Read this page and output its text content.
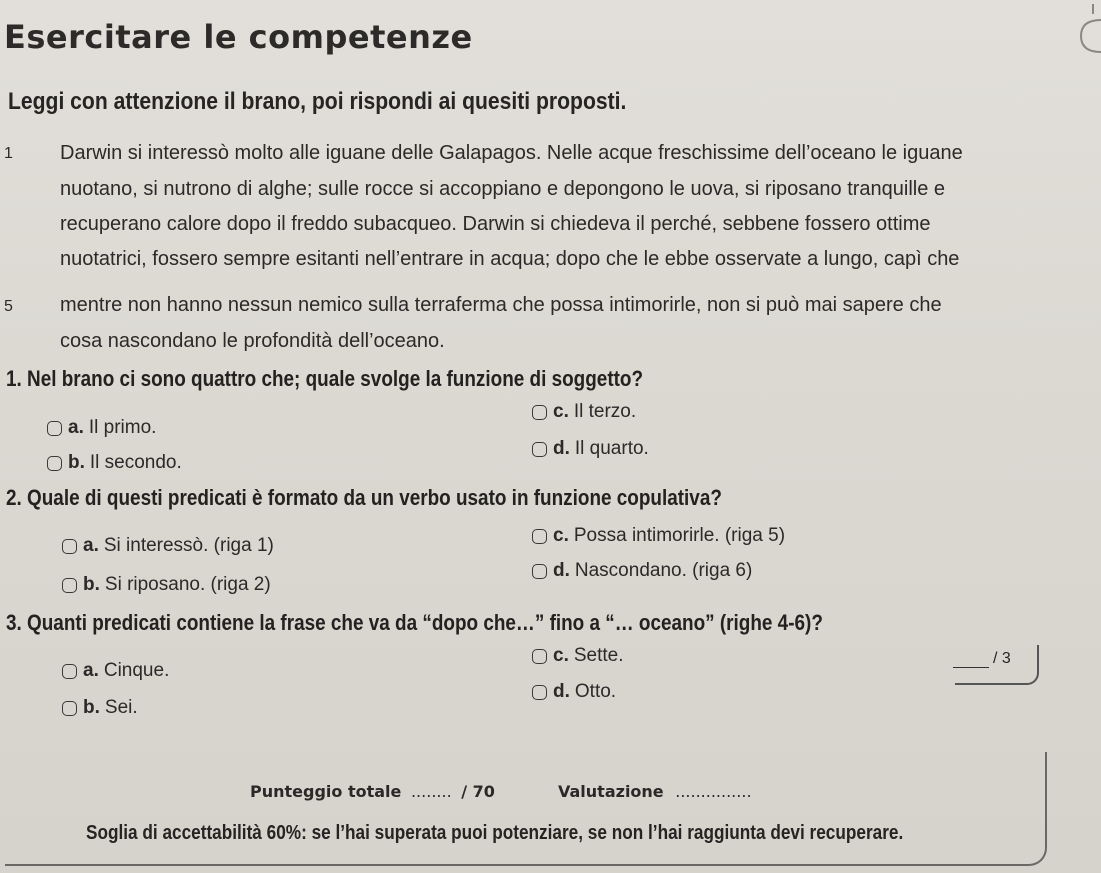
Esercitare le competenze
Leggi con attenzione il brano, poi rispondi ai quesiti proposti.
1 Darwin si interessò molto alle iguane delle Galapagos. Nelle acque freschissime dell’oceano le iguane
nuotano, si nutrono di alghe; sulle rocce si accoppiano e depongono le uova, si riposano tranquille e
recuperano calore dopo il freddo subacqueo. Darwin si chiedeva il perché, sebbene fossero ottime
nuotatrici, fossero sempre esitanti nell’entrare in acqua; dopo che le ebbe osservate a lungo, capì che
5 mentre non hanno nessun nemico sulla terraferma che possa intimorirle, non si può mai sapere che
cosa nascondano le profondità dell’oceano.
1. Nel brano ci sono quattro che; quale svolge la funzione di soggetto?
a. Il primo.
b. Il secondo.
c. Il terzo.
d. Il quarto.
2. Quale di questi predicati è formato da un verbo usato in funzione copulativa?
a. Si interessò. (riga 1)
b. Si riposano. (riga 2)
c. Possa intimorirle. (riga 5)
d. Nascondano. (riga 6)
3. Quanti predicati contiene la frase che va da “dopo che…” fino a “… oceano” (righe 4-6)?
a. Cinque.
b. Sei.
c. Sette.
d. Otto.
/ 3
Punteggio totale ........ / 70	Valutazione ...............
Soglia di accettabilità 60%: se l’hai superata puoi potenziare, se non l’hai raggiunta devi recuperare.
